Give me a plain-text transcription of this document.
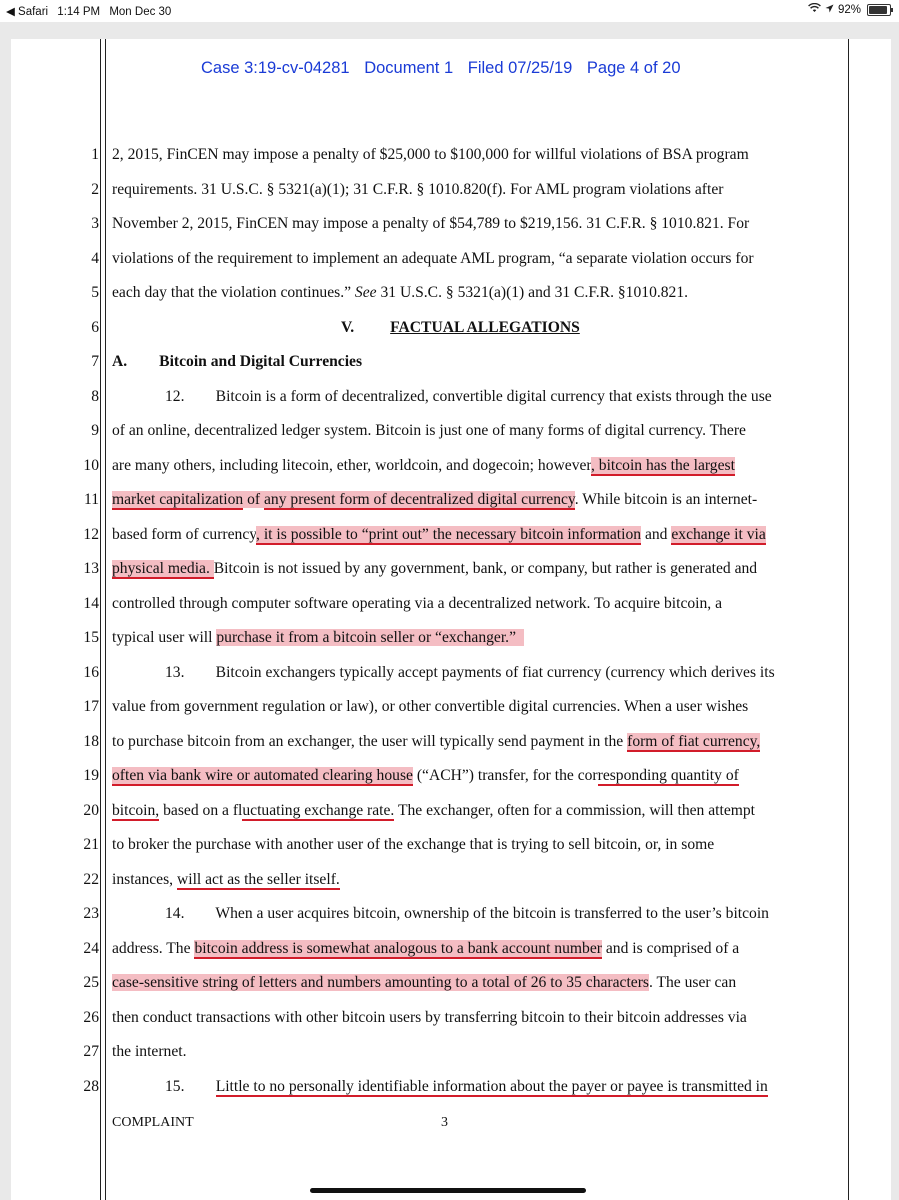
◀ Safari 1:14 PM Mon Dec 30	92%
Case 3:19-cv-04281 Document 1 Filed 07/25/19 Page 4 of 20
1
2
3
4
5
6
7
8
9
10
11
12
13
14
15
16
17
18
19
20
21
22
23
24
25
26
27
28
2, 2015, FinCEN may impose a penalty of $25,000 to $100,000 for willful violations of BSA program
requirements. 31 U.S.C. § 5321(a)(1); 31 C.F.R. § 1010.820(f). For AML program violations after
November 2, 2015, FinCEN may impose a penalty of $54,789 to $219,156. 31 C.F.R. § 1010.821. For
violations of the requirement to implement an adequate AML program, “a separate violation occurs for
each day that the violation continues.” See 31 U.S.C. § 5321(a)(1) and 31 C.F.R. §1010.821.
V. FACTUAL ALLEGATIONS
A. Bitcoin and Digital Currencies
12.        Bitcoin is a form of decentralized, convertible digital currency that exists through the use
of an online, decentralized ledger system. Bitcoin is just one of many forms of digital currency. There
are many others, including litecoin, ether, worldcoin, and dogecoin; however, bitcoin has the largest
market capitalization of any present form of decentralized digital currency. While bitcoin is an internet-
based form of currency, it is possible to “print out” the necessary bitcoin information and exchange it via
physical media. Bitcoin is not issued by any government, bank, or company, but rather is generated and
controlled through computer software operating via a decentralized network. To acquire bitcoin, a
typical user will purchase it from a bitcoin seller or “exchanger.”
13.        Bitcoin exchangers typically accept payments of fiat currency (currency which derives its
value from government regulation or law), or other convertible digital currencies. When a user wishes
to purchase bitcoin from an exchanger, the user will typically send payment in the form of fiat currency,
often via bank wire or automated clearing house (“ACH”) transfer, for the corresponding quantity of
bitcoin, based on a fluctuating exchange rate. The exchanger, often for a commission, will then attempt
to broker the purchase with another user of the exchange that is trying to sell bitcoin, or, in some
instances, will act as the seller itself.
14.        When a user acquires bitcoin, ownership of the bitcoin is transferred to the user’s bitcoin
address. The bitcoin address is somewhat analogous to a bank account number and is comprised of a
case-sensitive string of letters and numbers amounting to a total of 26 to 35 characters. The user can
then conduct transactions with other bitcoin users by transferring bitcoin to their bitcoin addresses via
the internet.
15.        Little to no personally identifiable information about the payer or payee is transmitted in
COMPLAINT	3
